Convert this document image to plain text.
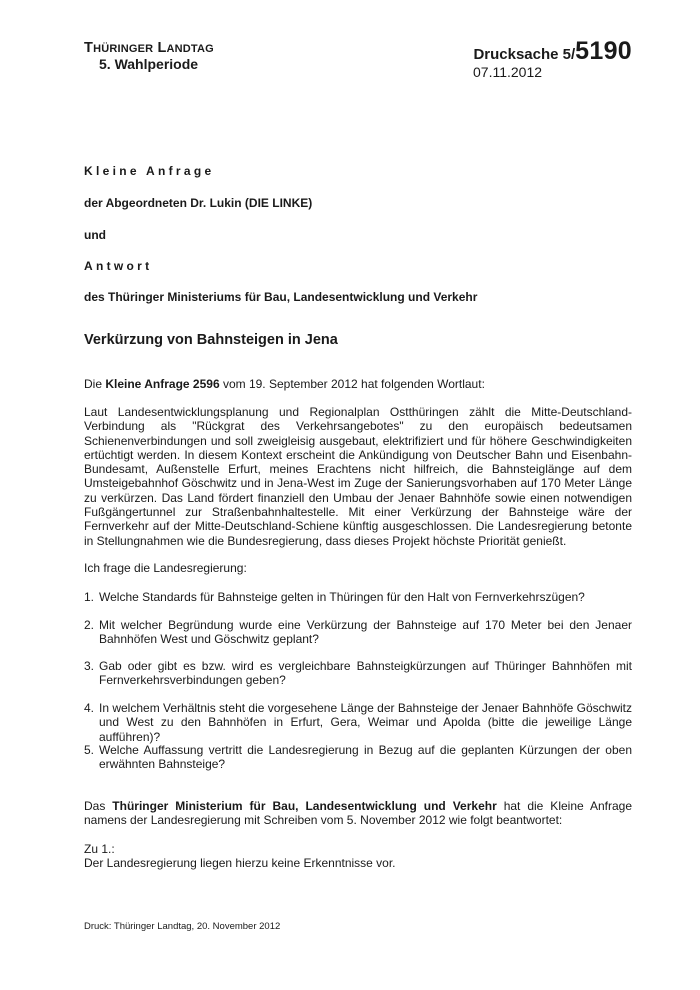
THÜRINGER LANDTAG
5. Wahlperiode
Drucksache 5/5190
07.11.2012
Kleine Anfrage
der Abgeordneten Dr. Lukin (DIE LINKE)
und
Antwort
des Thüringer Ministeriums für Bau, Landesentwicklung und Verkehr
Verkürzung von Bahnsteigen in Jena
Die Kleine Anfrage 2596 vom 19. September 2012 hat folgenden Wortlaut:
Laut Landesentwicklungsplanung und Regionalplan Ostthüringen zählt die Mitte-Deutschland-Verbindung als "Rückgrat des Verkehrsangebotes" zu den europäisch bedeutsamen Schienenverbindungen und soll zweigleisig ausgebaut, elektrifiziert und für höhere Geschwindigkeiten ertüchtigt werden. In diesem Kontext erscheint die Ankündigung von Deutscher Bahn und Eisenbahn-Bundesamt, Außenstelle Erfurt, meines Erachtens nicht hilfreich, die Bahnsteiglänge auf dem Umsteigebahnhof Göschwitz und in Jena-West im Zuge der Sanierungsvorhaben auf 170 Meter Länge zu verkürzen. Das Land fördert finanziell den Umbau der Jenaer Bahnhöfe sowie einen notwendigen Fußgängertunnel zur Straßenbahnhaltestelle. Mit einer Verkürzung der Bahnsteige wäre der Fernverkehr auf der Mitte-Deutschland-Schiene künftig ausgeschlossen. Die Landesregierung betonte in Stellungnahmen wie die Bundesregierung, dass dieses Projekt höchste Priorität genießt.
Ich frage die Landesregierung:
1. Welche Standards für Bahnsteige gelten in Thüringen für den Halt von Fernverkehrszügen?
2. Mit welcher Begründung wurde eine Verkürzung der Bahnsteige auf 170 Meter bei den Jenaer Bahnhöfen West und Göschwitz geplant?
3. Gab oder gibt es bzw. wird es vergleichbare Bahnsteigkürzungen auf Thüringer Bahnhöfen mit Fernverkehrsverbindungen geben?
4. In welchem Verhältnis steht die vorgesehene Länge der Bahnsteige der Jenaer Bahnhöfe Göschwitz und West zu den Bahnhöfen in Erfurt, Gera, Weimar und Apolda (bitte die jeweilige Länge aufführen)?
5. Welche Auffassung vertritt die Landesregierung in Bezug auf die geplanten Kürzungen der oben erwähnten Bahnsteige?
Das Thüringer Ministerium für Bau, Landesentwicklung und Verkehr hat die Kleine Anfrage namens der Landesregierung mit Schreiben vom 5. November 2012 wie folgt beantwortet:
Zu 1.:
Der Landesregierung liegen hierzu keine Erkenntnisse vor.
Druck: Thüringer Landtag, 20. November 2012
